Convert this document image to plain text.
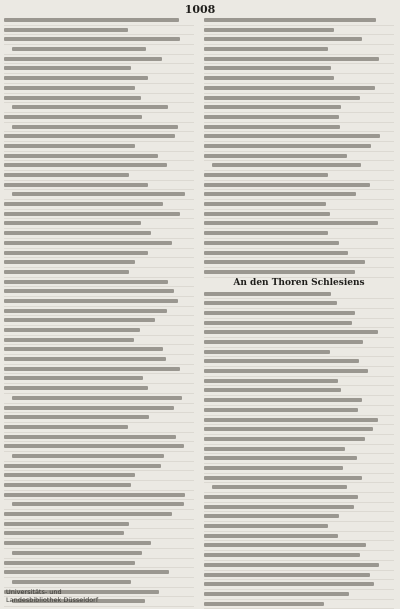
1008
An den Thoren Schlesiens
Universitäts- und
Landesbibliothek Düsseldorf
